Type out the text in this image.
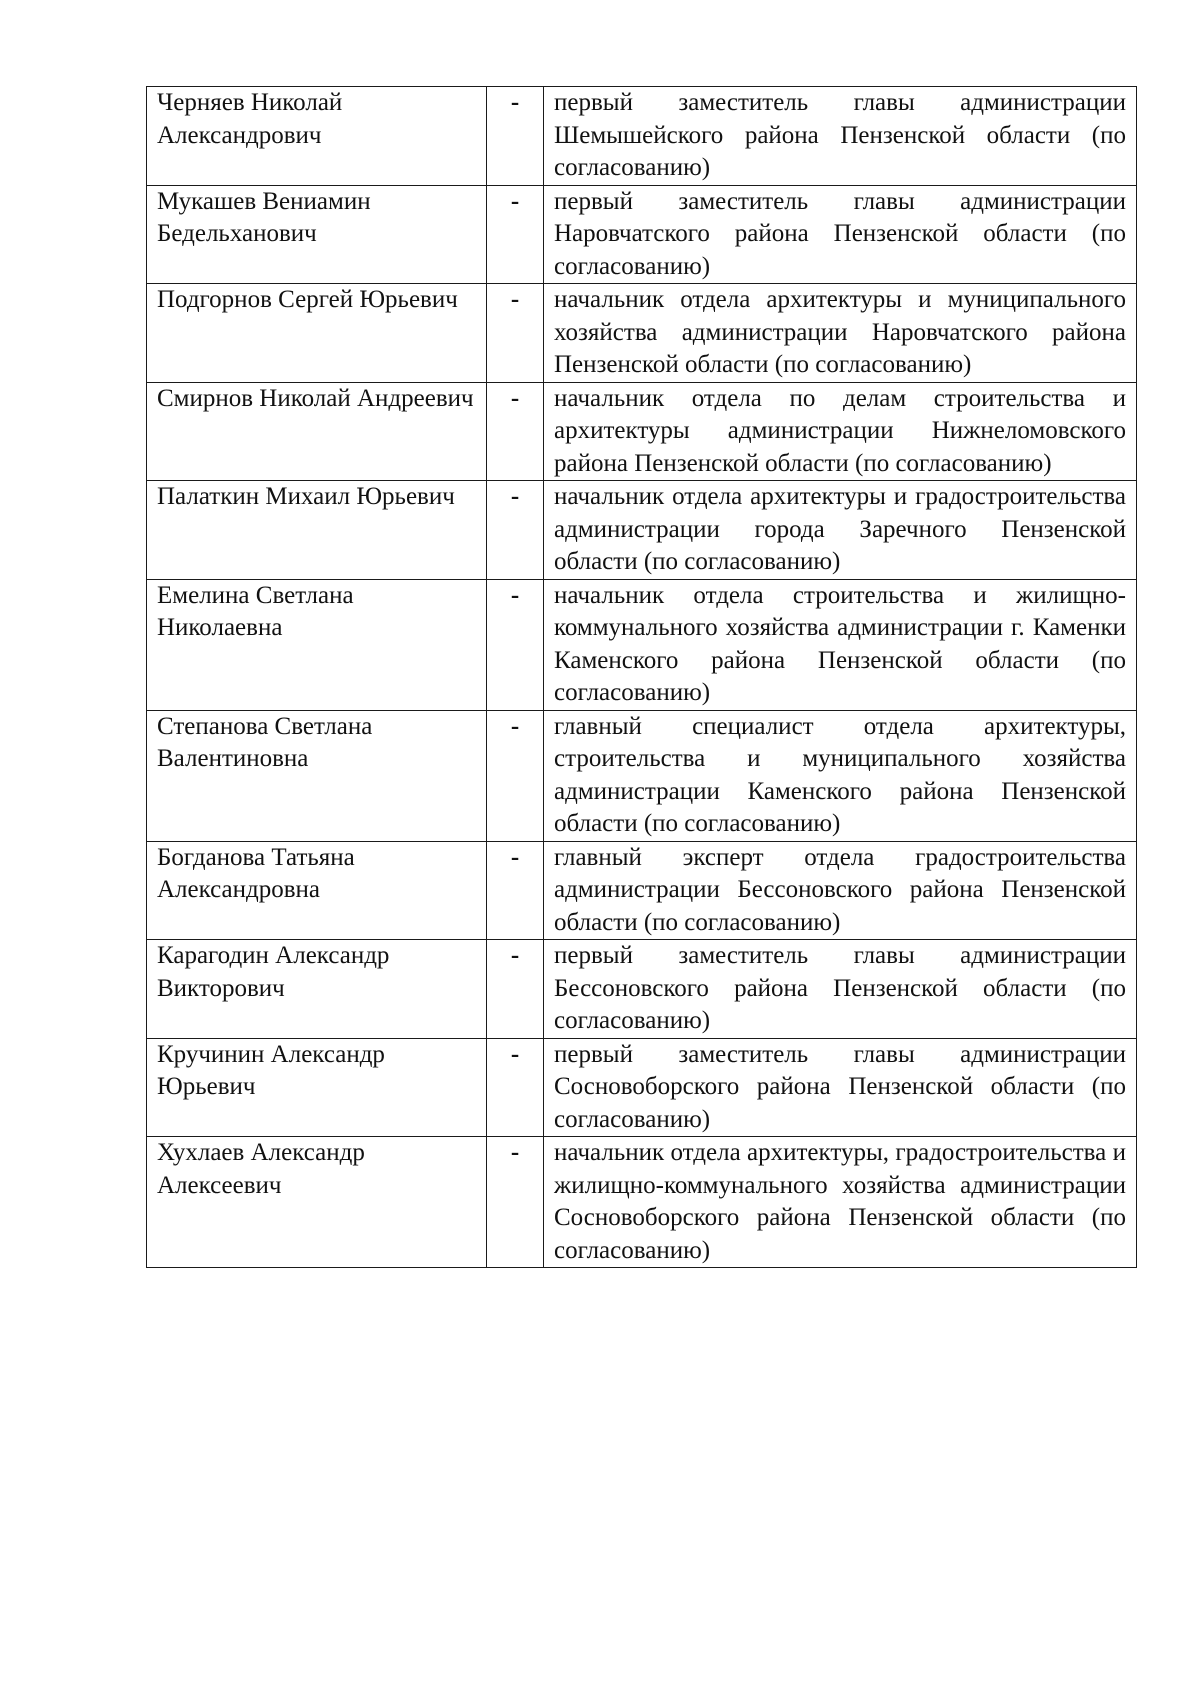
Черняев Николай Александрович	-	первый заместитель главы администрации Шемышейского района Пензенской области (по согласованию)

Мукашев Вениамин Бедельханович	-	первый заместитель главы администрации Наровчатского района Пензенской области (по согласованию)

Подгорнов Сергей Юрьевич	-	начальник отдела архитектуры и муниципального хозяйства администрации Наровчатского района Пензенской области (по согласованию)

Смирнов Николай Андреевич	-	начальник отдела по делам строительства и архитектуры администрации Нижнеломовского района Пензенской области (по согласованию)

Палаткин Михаил Юрьевич	-	начальник отдела архитектуры и градостроительства администрации города Заречного Пензенской области (по согласованию)

Емелина Светлана Николаевна	-	начальник отдела строительства и жилищно-коммунального хозяйства администрации г. Каменки Каменского района Пензенской области (по согласованию)

Степанова Светлана Валентиновна	-	главный специалист отдела архитектуры, строительства и муниципального хозяйства администрации Каменского района Пензенской области (по согласованию)

Богданова Татьяна Александровна	-	главный эксперт отдела градостроительства администрации Бессоновского района Пензенской области (по согласованию)

Карагодин Александр Викторович	-	первый заместитель главы администрации Бессоновского района Пензенской области (по согласованию)

Кручинин Александр Юрьевич	-	первый заместитель главы администрации Сосновоборского района Пензенской области (по согласованию)

Хухлаев Александр Алексеевич	-	начальник отдела архитектуры, градостроительства и жилищно-коммунального хозяйства администрации Сосновоборского района Пензенской области (по согласованию)
